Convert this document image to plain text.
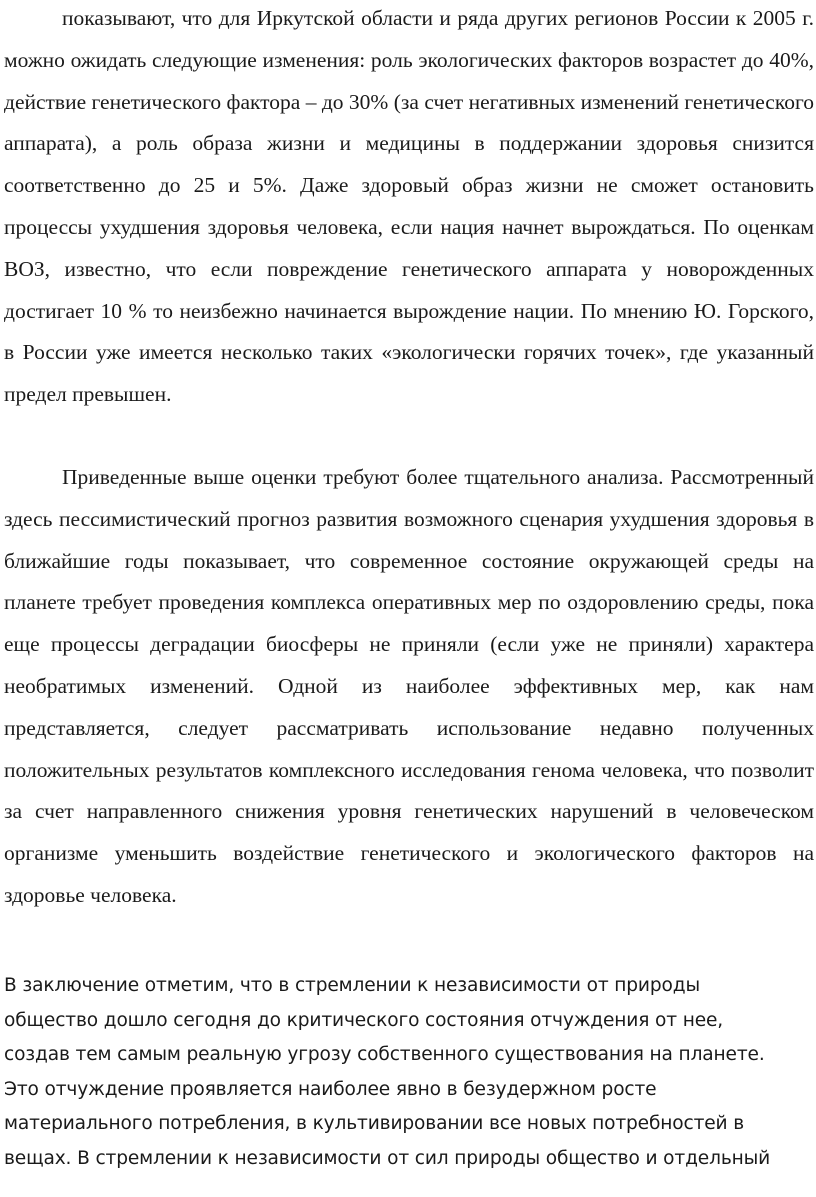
показывают, что для Иркутской области и ряда других регионов России к 2005 г. можно ожидать следующие изменения: роль экологических факторов возрастет до 40%, действие генетического фактора – до 30% (за счет негативных изменений генетического аппарата), а роль образа жизни и медицины в поддержании здоровья снизится соответственно до 25 и 5%. Даже здоровый образ жизни не сможет остановить процессы ухудшения здоровья человека, если нация начнет вырождаться. По оценкам ВОЗ, известно, что если повреждение генетического аппарата у новорожденных достигает 10 % то неизбежно начинается вырождение нации. По мнению Ю. Горского, в России уже имеется несколько таких «экологически горячих точек», где указанный предел превышен.

Приведенные выше оценки требуют более тщательного анализа. Рассмотренный здесь пессимистический прогноз развития возможного сценария ухудшения здоровья в ближайшие годы показывает, что современное состояние окружающей среды на планете требует проведения комплекса оперативных мер по оздоровлению среды, пока еще процессы деградации биосферы не приняли (если уже не приняли) характера необратимых изменений. Одной из наиболее эффективных мер, как нам представляется, следует рассматривать использование недавно полученных положительных результатов комплексного исследования генома человека, что позволит за счет направленного снижения уровня генетических нарушений в человеческом организме уменьшить воздействие генетического и экологического факторов на здоровье человека.

В заключение отметим, что в стремлении к независимости от природы
общество дошло сегодня до критического состояния отчуждения от нее,
создав тем самым реальную угрозу собственного существования на планете.
Это отчуждение проявляется наиболее явно в безудержном росте
материального потребления, в культивировании все новых потребностей в
вещах. В стремлении к независимости от сил природы общество и отдельный
